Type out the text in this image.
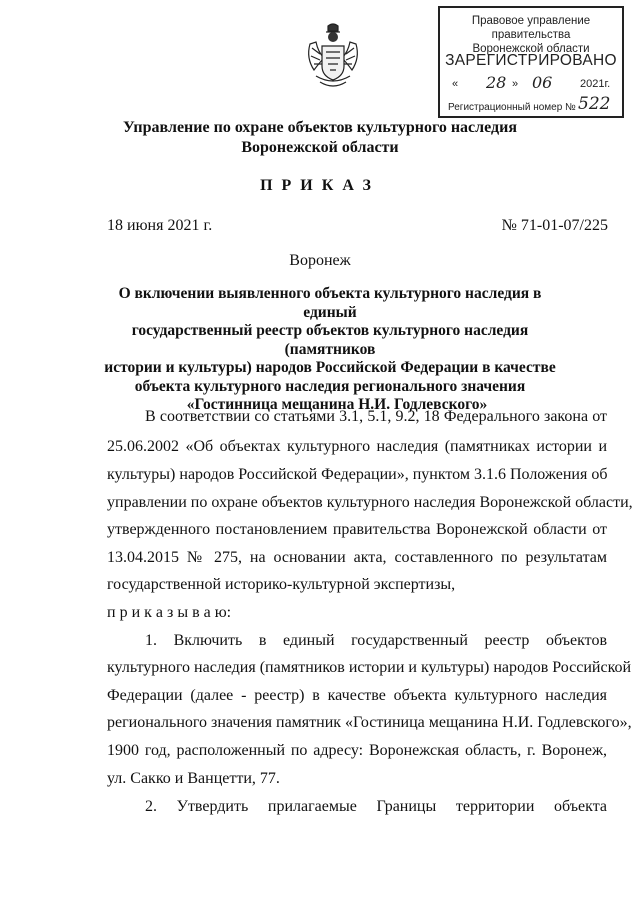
Правовое управление правительства
Воронежской области
ЗАРЕГИСТРИРОВАНО
« 28 » 06	2021г.
Регистрационный номер № 522
Управление по охране объектов культурного наследия
Воронежской области
ПРИКАЗ
18 июня 2021 г.	№ 71-01-07/225
Воронеж
О включении выявленного объекта культурного наследия в единый
государственный реестр объектов культурного наследия (памятников
истории и культуры) народов Российской Федерации в качестве
объекта культурного наследия регионального значения
«Гостинница мещанина Н.И. Годлевского»
В соответствии со статьями 3.1, 5.1, 9.2, 18 Федерального закона от
25.06.2002 «Об объектах культурного наследия (памятниках истории и
культуры) народов Российской Федерации», пунктом 3.1.6 Положения об
управлении по охране объектов культурного наследия Воронежской области,
утвержденного постановлением правительства Воронежской области от
13.04.2015 № 275, на основании акта, составленного по результатам
государственной историко-культурной экспертизы,
п р и к а з ы в а ю:
1. Включить в единый государственный реестр объектов
культурного наследия (памятников истории и культуры) народов Российской
Федерации (далее - реестр) в качестве объекта культурного наследия
регионального значения памятник «Гостиница мещанина Н.И. Годлевского»,
1900 год, расположенный по адресу: Воронежская область, г. Воронеж,
ул. Сакко и Ванцетти, 77.
2. Утвердить прилагаемые Границы территории объекта
